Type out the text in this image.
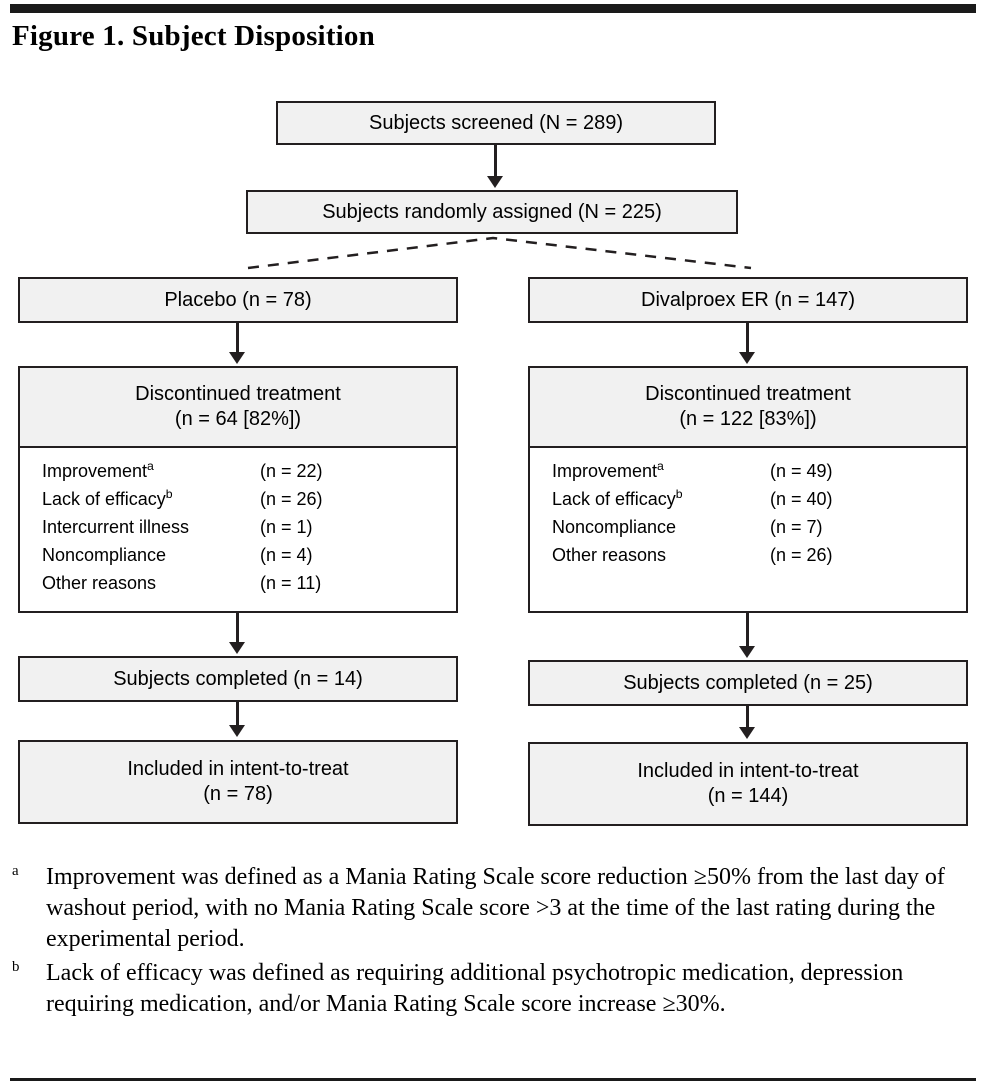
Figure 1. Subject Disposition
Subjects screened (N = 289)
Subjects randomly assigned (N = 225)
Placebo (n = 78)
Discontinued treatment
(n = 64 [82%])
Improvement$^a$	(n = 22)
Lack of efficacy$^b$	(n = 26)
Intercurrent illness	(n = 1)
Noncompliance	(n = 4)
Other reasons	(n = 11)
Subjects completed (n = 14)
Included in intent-to-treat
(n = 78)
Divalproex ER (n = 147)
Discontinued treatment
(n = 122 [83%])
Improvement$^a$	(n = 49)
Lack of efficacy$^b$	(n = 40)
Noncompliance	(n = 7)
Other reasons	(n = 26)
Subjects completed (n = 25)
Included in intent-to-treat
(n = 144)

$^a$ Improvement was defined as a Mania Rating Scale score reduction ≥50% from the last day of washout period, with no Mania Rating Scale score >3 at the time of the last rating during the experimental period.

$^b$ Lack of efficacy was defined as requiring additional psychotropic medication, depression requiring medication, and/or Mania Rating Scale score increase ≥30%.
